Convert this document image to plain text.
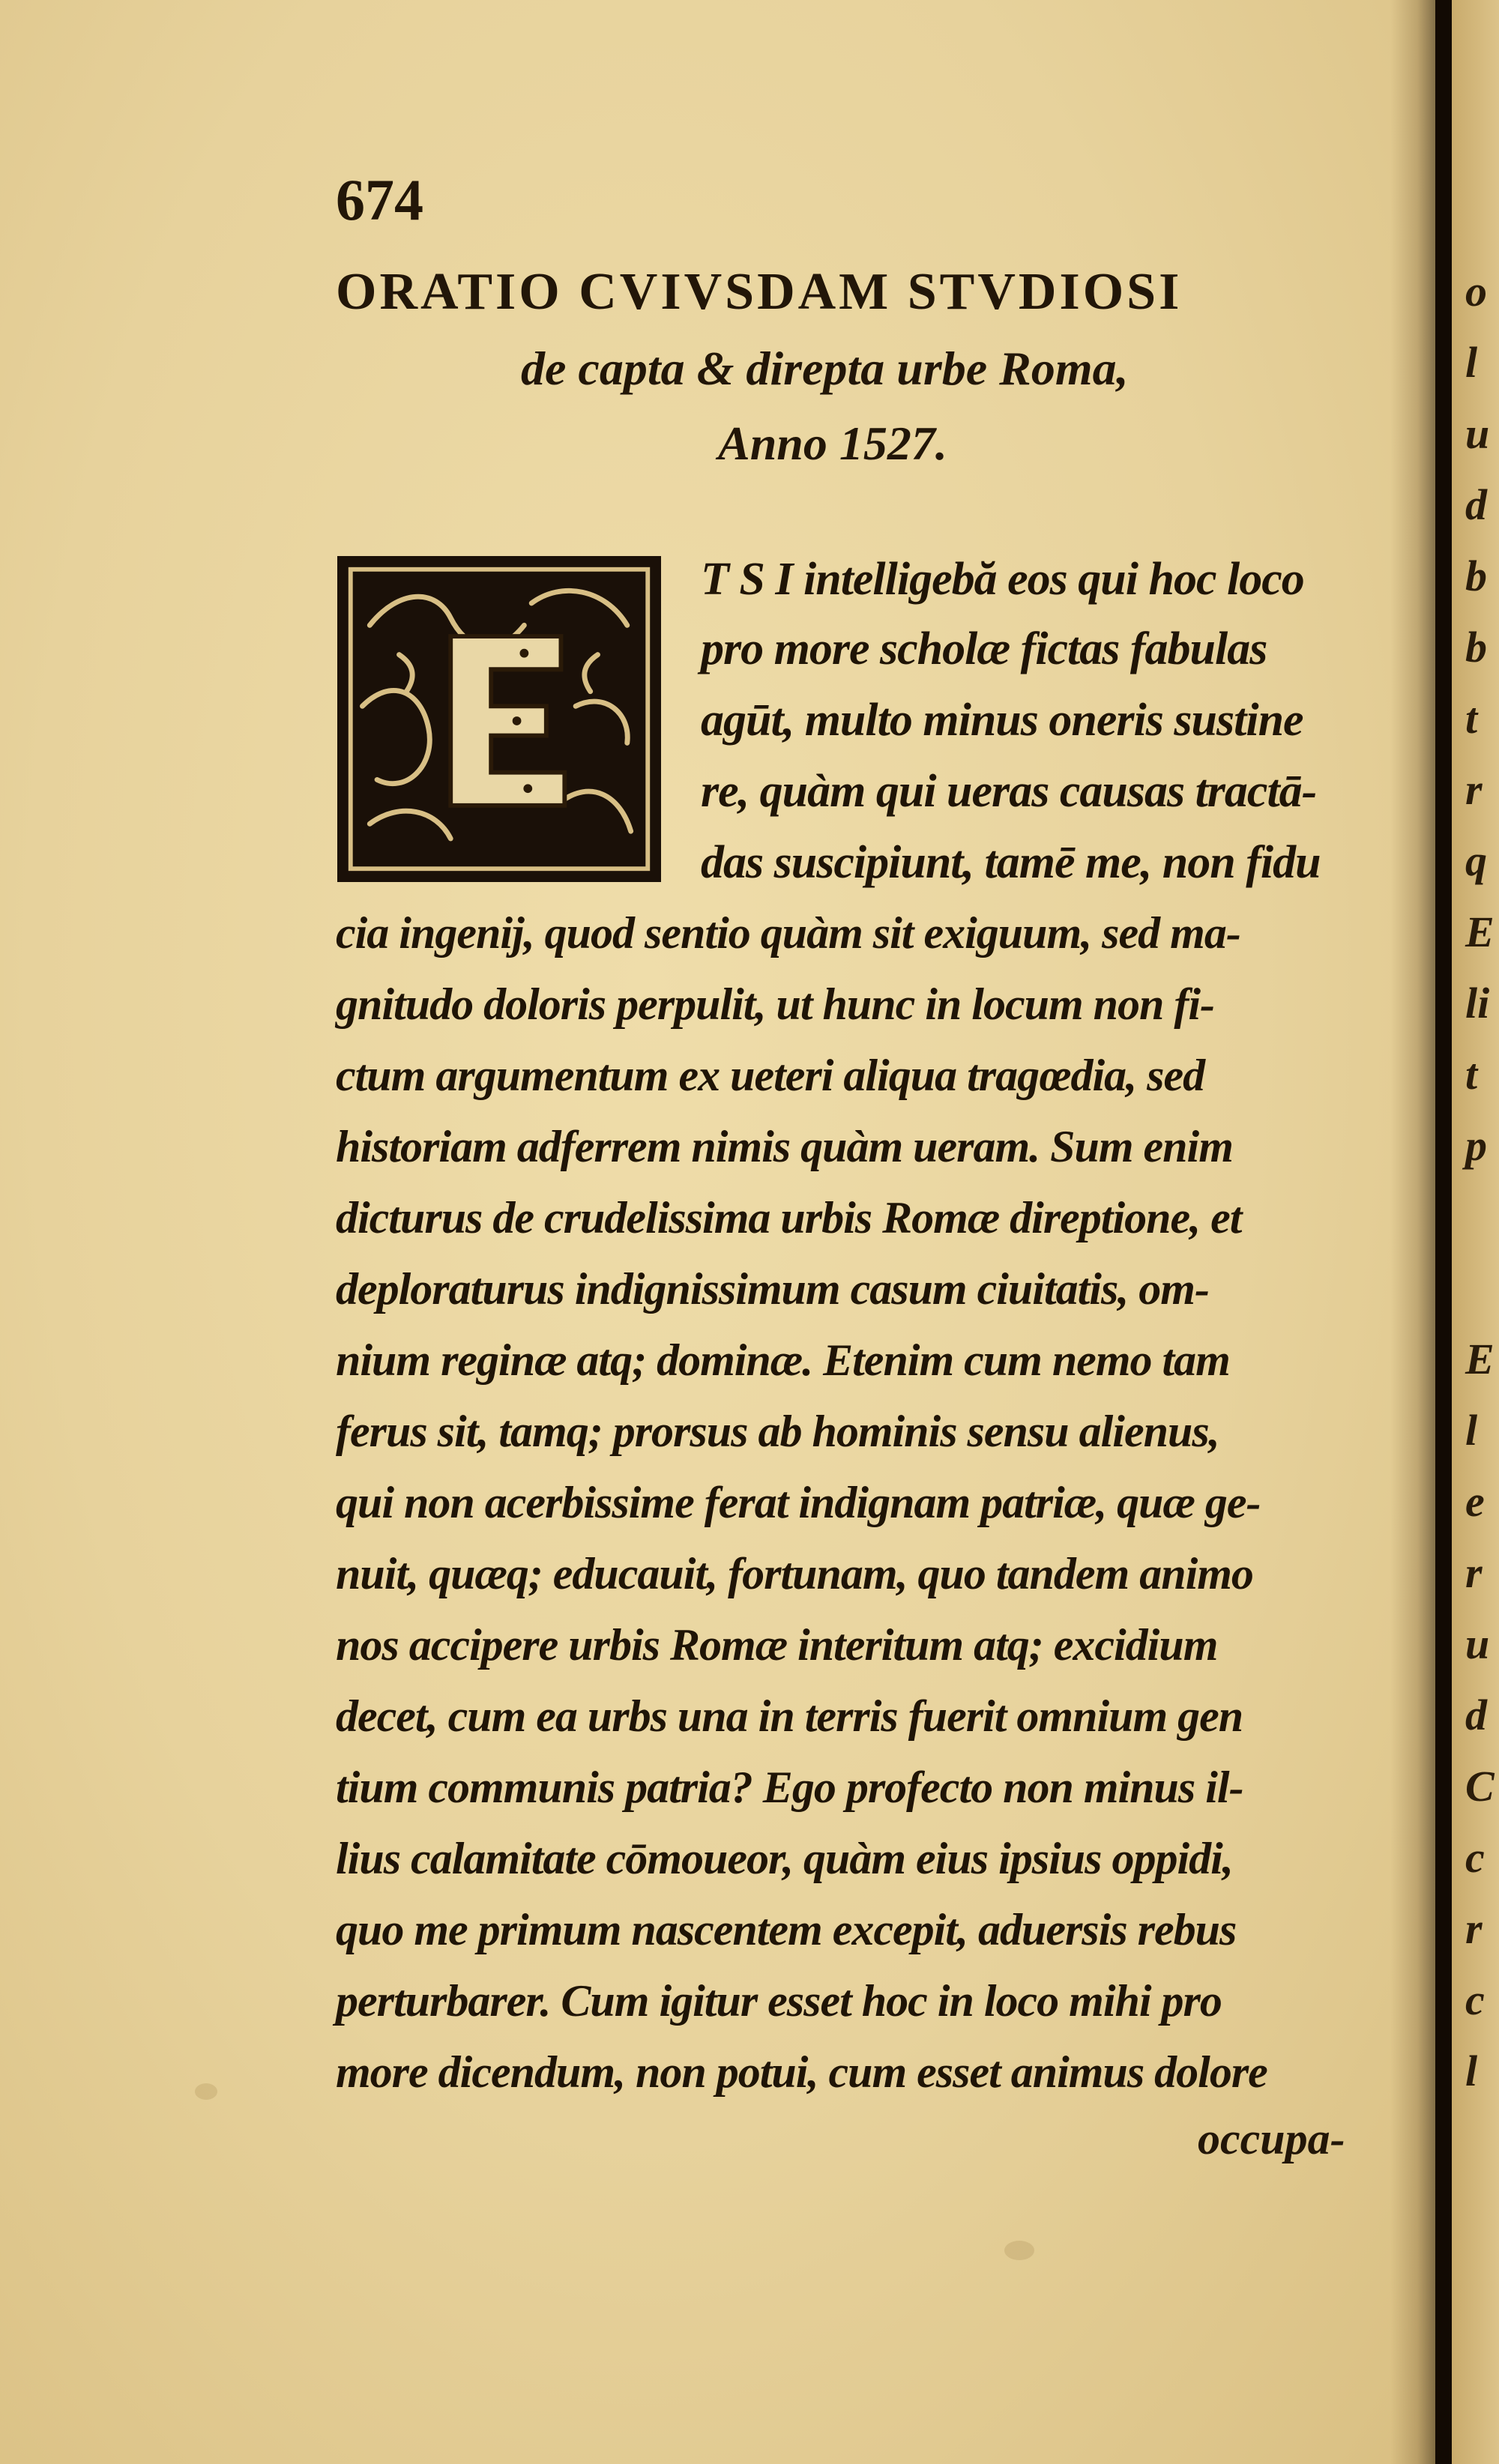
o
l
u
d
b
b
t
r
q
E
li
t
p
E
l
e
r
u
d
C
c
r
c
l
674
ORATIO CVIVSDAM STVDIOSI
de capta & direpta urbe Roma,
Anno 1527.
T S I intelligebă eos qui hoc loco
pro more scholæ fictas fabulas
agūt, multo minus oneris sustine
re, quàm qui ueras causas tractā-
das suscipiunt, tamē me, non fidu
cia ingenij, quod sentio quàm sit exiguum, sed ma-
gnitudo doloris perpulit, ut hunc in locum non fi-
ctum argumentum ex ueteri aliqua tragœdia, sed
historiam adferrem nimis quàm ueram. Sum enim
dicturus de crudelissima urbis Romæ direptione, et
deploraturus indignissimum casum ciuitatis, om-
nium reginæ atq; dominæ. Etenim cum nemo tam
ferus sit, tamq; prorsus ab hominis sensu alienus,
qui non acerbissime ferat indignam patriæ, quæ ge-
nuit, quæq; educauit, fortunam, quo tandem animo
nos accipere urbis Romæ interitum atq; excidium
decet, cum ea urbs una in terris fuerit omnium gen
tium communis patria? Ego profecto non minus il-
lius calamitate cōmoueor, quàm eius ipsius oppidi,
quo me primum nascentem excepit, aduersis rebus
perturbarer. Cum igitur esset hoc in loco mihi pro
more dicendum, non potui, cum esset animus dolore
occupa-
